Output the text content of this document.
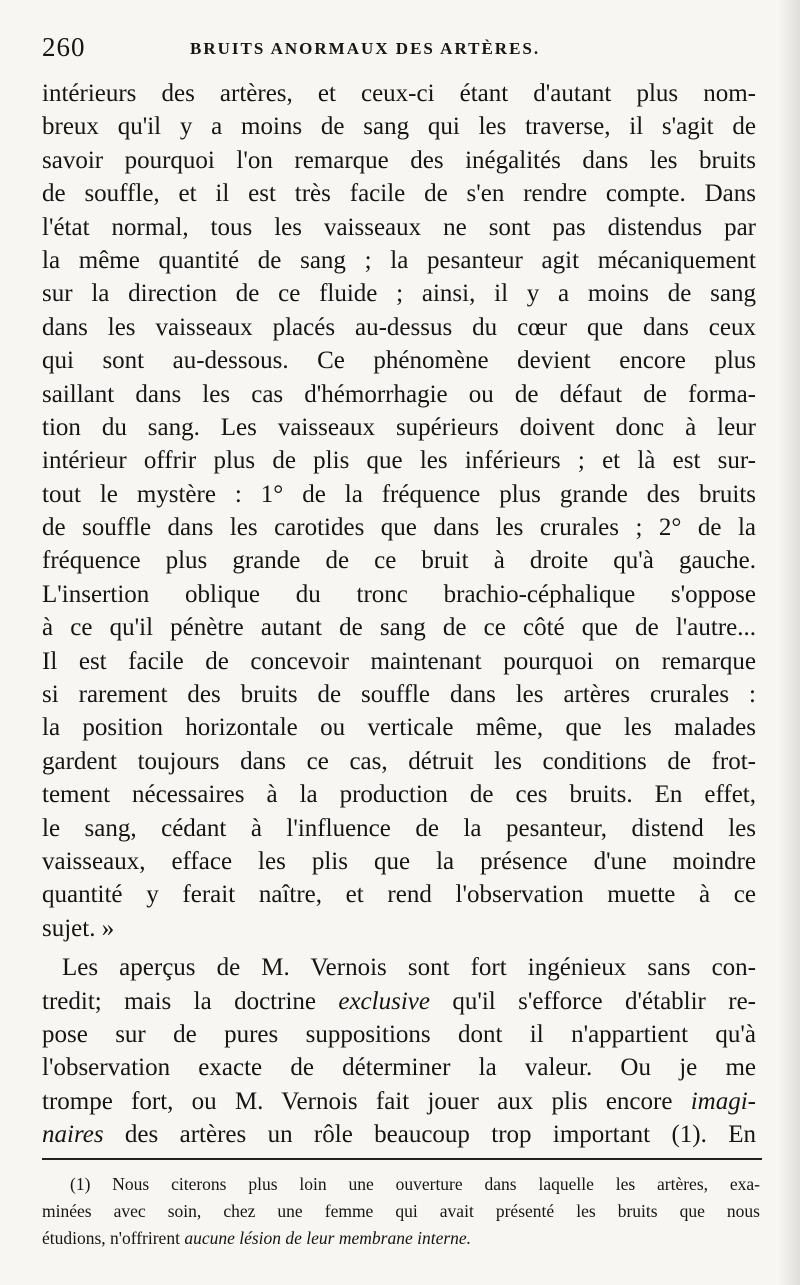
260	BRUITS ANORMAUX DES ARTÈRES.
intérieurs des artères, et ceux-ci étant d'autant plus nom-
breux qu'il y a moins de sang qui les traverse, il s'agit de
savoir pourquoi l'on remarque des inégalités dans les bruits
de souffle, et il est très facile de s'en rendre compte. Dans
l'état normal, tous les vaisseaux ne sont pas distendus par
la même quantité de sang ; la pesanteur agit mécaniquement
sur la direction de ce fluide ; ainsi, il y a moins de sang
dans les vaisseaux placés au-dessus du cœur que dans ceux
qui sont au-dessous. Ce phénomène devient encore plus
saillant dans les cas d'hémorrhagie ou de défaut de forma-
tion du sang. Les vaisseaux supérieurs doivent donc à leur
intérieur offrir plus de plis que les inférieurs ; et là est sur-
tout le mystère : 1° de la fréquence plus grande des bruits
de souffle dans les carotides que dans les crurales ; 2° de la
fréquence plus grande de ce bruit à droite qu'à gauche.
L'insertion oblique du tronc brachio-céphalique s'oppose
à ce qu'il pénètre autant de sang de ce côté que de l'autre...
Il est facile de concevoir maintenant pourquoi on remarque
si rarement des bruits de souffle dans les artères crurales :
la position horizontale ou verticale même, que les malades
gardent toujours dans ce cas, détruit les conditions de frot-
tement nécessaires à la production de ces bruits. En effet,
le sang, cédant à l'influence de la pesanteur, distend les
vaisseaux, efface les plis que la présence d'une moindre
quantité y ferait naître, et rend l'observation muette à ce
sujet. »
Les aperçus de M. Vernois sont fort ingénieux sans con-
tredit; mais la doctrine exclusive qu'il s'efforce d'établir re-
pose sur de pures suppositions dont il n'appartient qu'à
l'observation exacte de déterminer la valeur. Ou je me
trompe fort, ou M. Vernois fait jouer aux plis encore imagi-
naires des artères un rôle beaucoup trop important (1). En
(1) Nous citerons plus loin une ouverture dans laquelle les artères, exa-
minées avec soin, chez une femme qui avait présenté les bruits que nous
étudions, n'offrirent aucune lésion de leur membrane interne.
